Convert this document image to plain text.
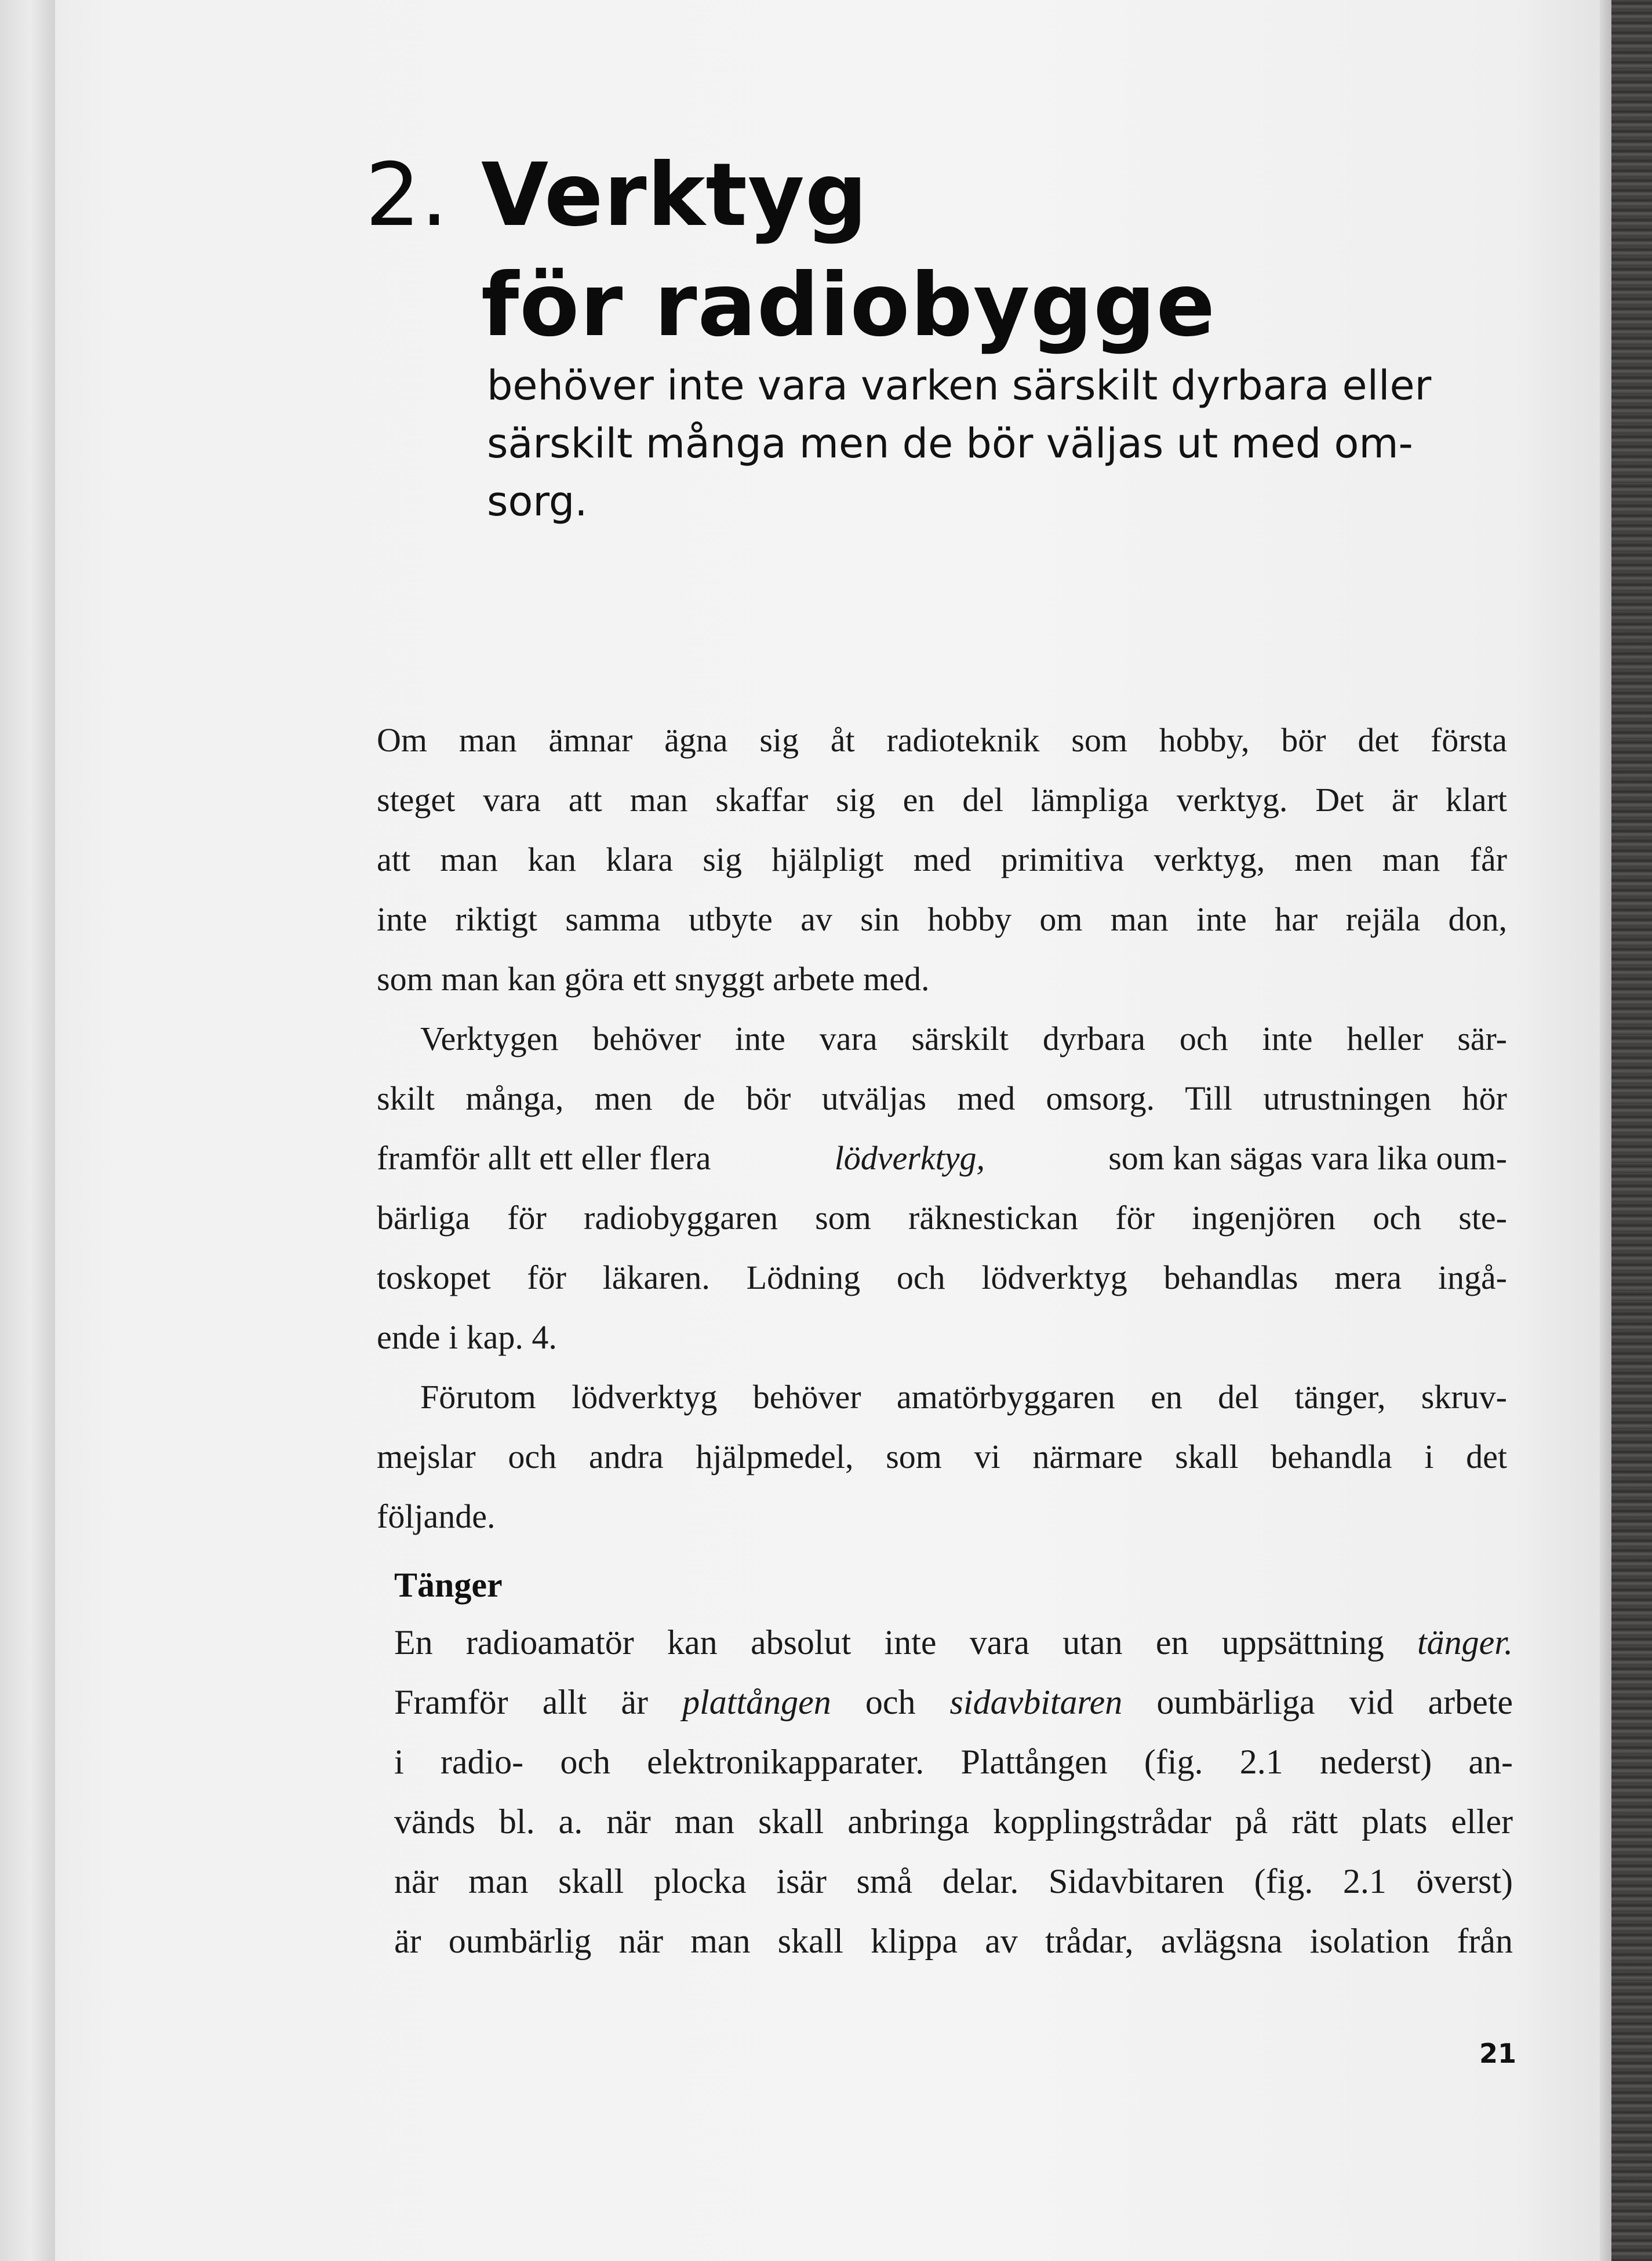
2. Verktyg
för radiobygge

behöver inte vara varken särskilt dyrbara eller
särskilt många men de bör väljas ut med om-
sorg.

Om man ämnar ägna sig åt radioteknik som hobby, bör det första
steget vara att man skaffar sig en del lämpliga verktyg. Det är klart
att man kan klara sig hjälpligt med primitiva verktyg, men man får
inte riktigt samma utbyte av sin hobby om man inte har rejäla don,
som man kan göra ett snyggt arbete med.

Verktygen behöver inte vara särskilt dyrbara och inte heller sär-
skilt många, men de bör utväljas med omsorg. Till utrustningen hör
framför allt ett eller flera	lödverktyg,	som kan sägas vara lika oum-
bärliga för radiobyggaren som räknestickan för ingenjören och ste-
toskopet för läkaren. Lödning och lödverktyg behandlas mera ingå-
ende i kap. 4.

Förutom lödverktyg behöver amatörbyggaren en del tänger, skruv-
mejslar och andra hjälpmedel, som vi närmare skall behandla i det
följande.

Tänger
En radioamatör kan absolut inte vara utan en uppsättning tänger.
Framför allt är plattången och sidavbitaren oumbärliga vid arbete
i radio- och elektronikapparater. Plattången (fig. 2.1 nederst) an-
vänds bl. a. när man skall anbringa kopplingstrådar på rätt plats eller
när man skall plocka isär små delar. Sidavbitaren (fig. 2.1 överst)
är oumbärlig när man skall klippa av trådar, avlägsna isolation från
21
